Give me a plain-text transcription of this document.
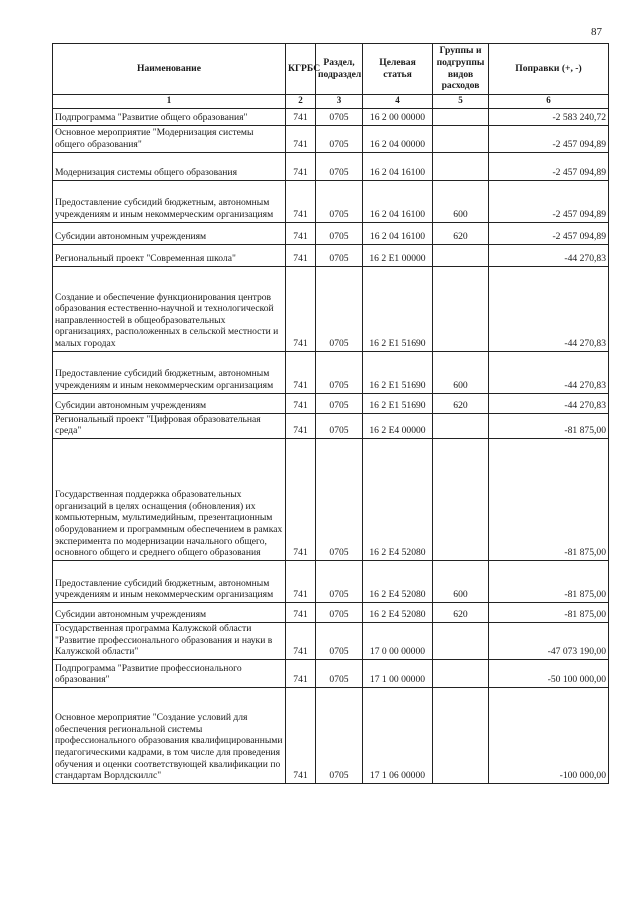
87
Наименование	КГРБС	Раздел, подраздел	Целевая статья	Группы и подгруппы видов расходов	Поправки (+, -)
1	2	3	4	5	6
Подпрограмма "Развитие общего образования"	741	0705	16 2 00 00000		-2 583 240,72
Основное мероприятие "Модернизация системы общего образования"	741	0705	16 2 04 00000		-2 457 094,89
Модернизация системы общего образования	741	0705	16 2 04 16100		-2 457 094,89
Предоставление субсидий бюджетным, автономным учреждениям и иным некоммерческим организациям	741	0705	16 2 04 16100	600	-2 457 094,89
Субсидии автономным учреждениям	741	0705	16 2 04 16100	620	-2 457 094,89
Региональный проект "Современная школа"	741	0705	16 2 E1 00000		-44 270,83
Создание и обеспечение функционирования центров образования естественно-научной и технологической направленностей в общеобразовательных организациях, расположенных в сельской местности и малых городах	741	0705	16 2 E1 51690		-44 270,83
Предоставление субсидий бюджетным, автономным учреждениям и иным некоммерческим организациям	741	0705	16 2 E1 51690	600	-44 270,83
Субсидии автономным учреждениям	741	0705	16 2 E1 51690	620	-44 270,83
Региональный проект "Цифровая образовательная среда"	741	0705	16 2 E4 00000		-81 875,00
Государственная поддержка образовательных организаций в целях оснащения (обновления) их компьютерным, мультимедийным, презентационным оборудованием и программным обеспечением в рамках эксперимента по модернизации начального общего, основного общего и среднего общего образования	741	0705	16 2 E4 52080		-81 875,00
Предоставление субсидий бюджетным, автономным учреждениям и иным некоммерческим организациям	741	0705	16 2 E4 52080	600	-81 875,00
Субсидии автономным учреждениям	741	0705	16 2 E4 52080	620	-81 875,00
Государственная программа Калужской области "Развитие профессионального образования и науки в Калужской области"	741	0705	17 0 00 00000		-47 073 190,00
Подпрограмма "Развитие профессионального образования"	741	0705	17 1 00 00000		-50 100 000,00
Основное мероприятие "Создание условий для обеспечения региональной системы профессионального образования квалифицированными педагогическими кадрами, в том числе для проведения обучения и оценки соответствующей квалификации по стандартам Ворлдскиллс"	741	0705	17 1 06 00000		-100 000,00
